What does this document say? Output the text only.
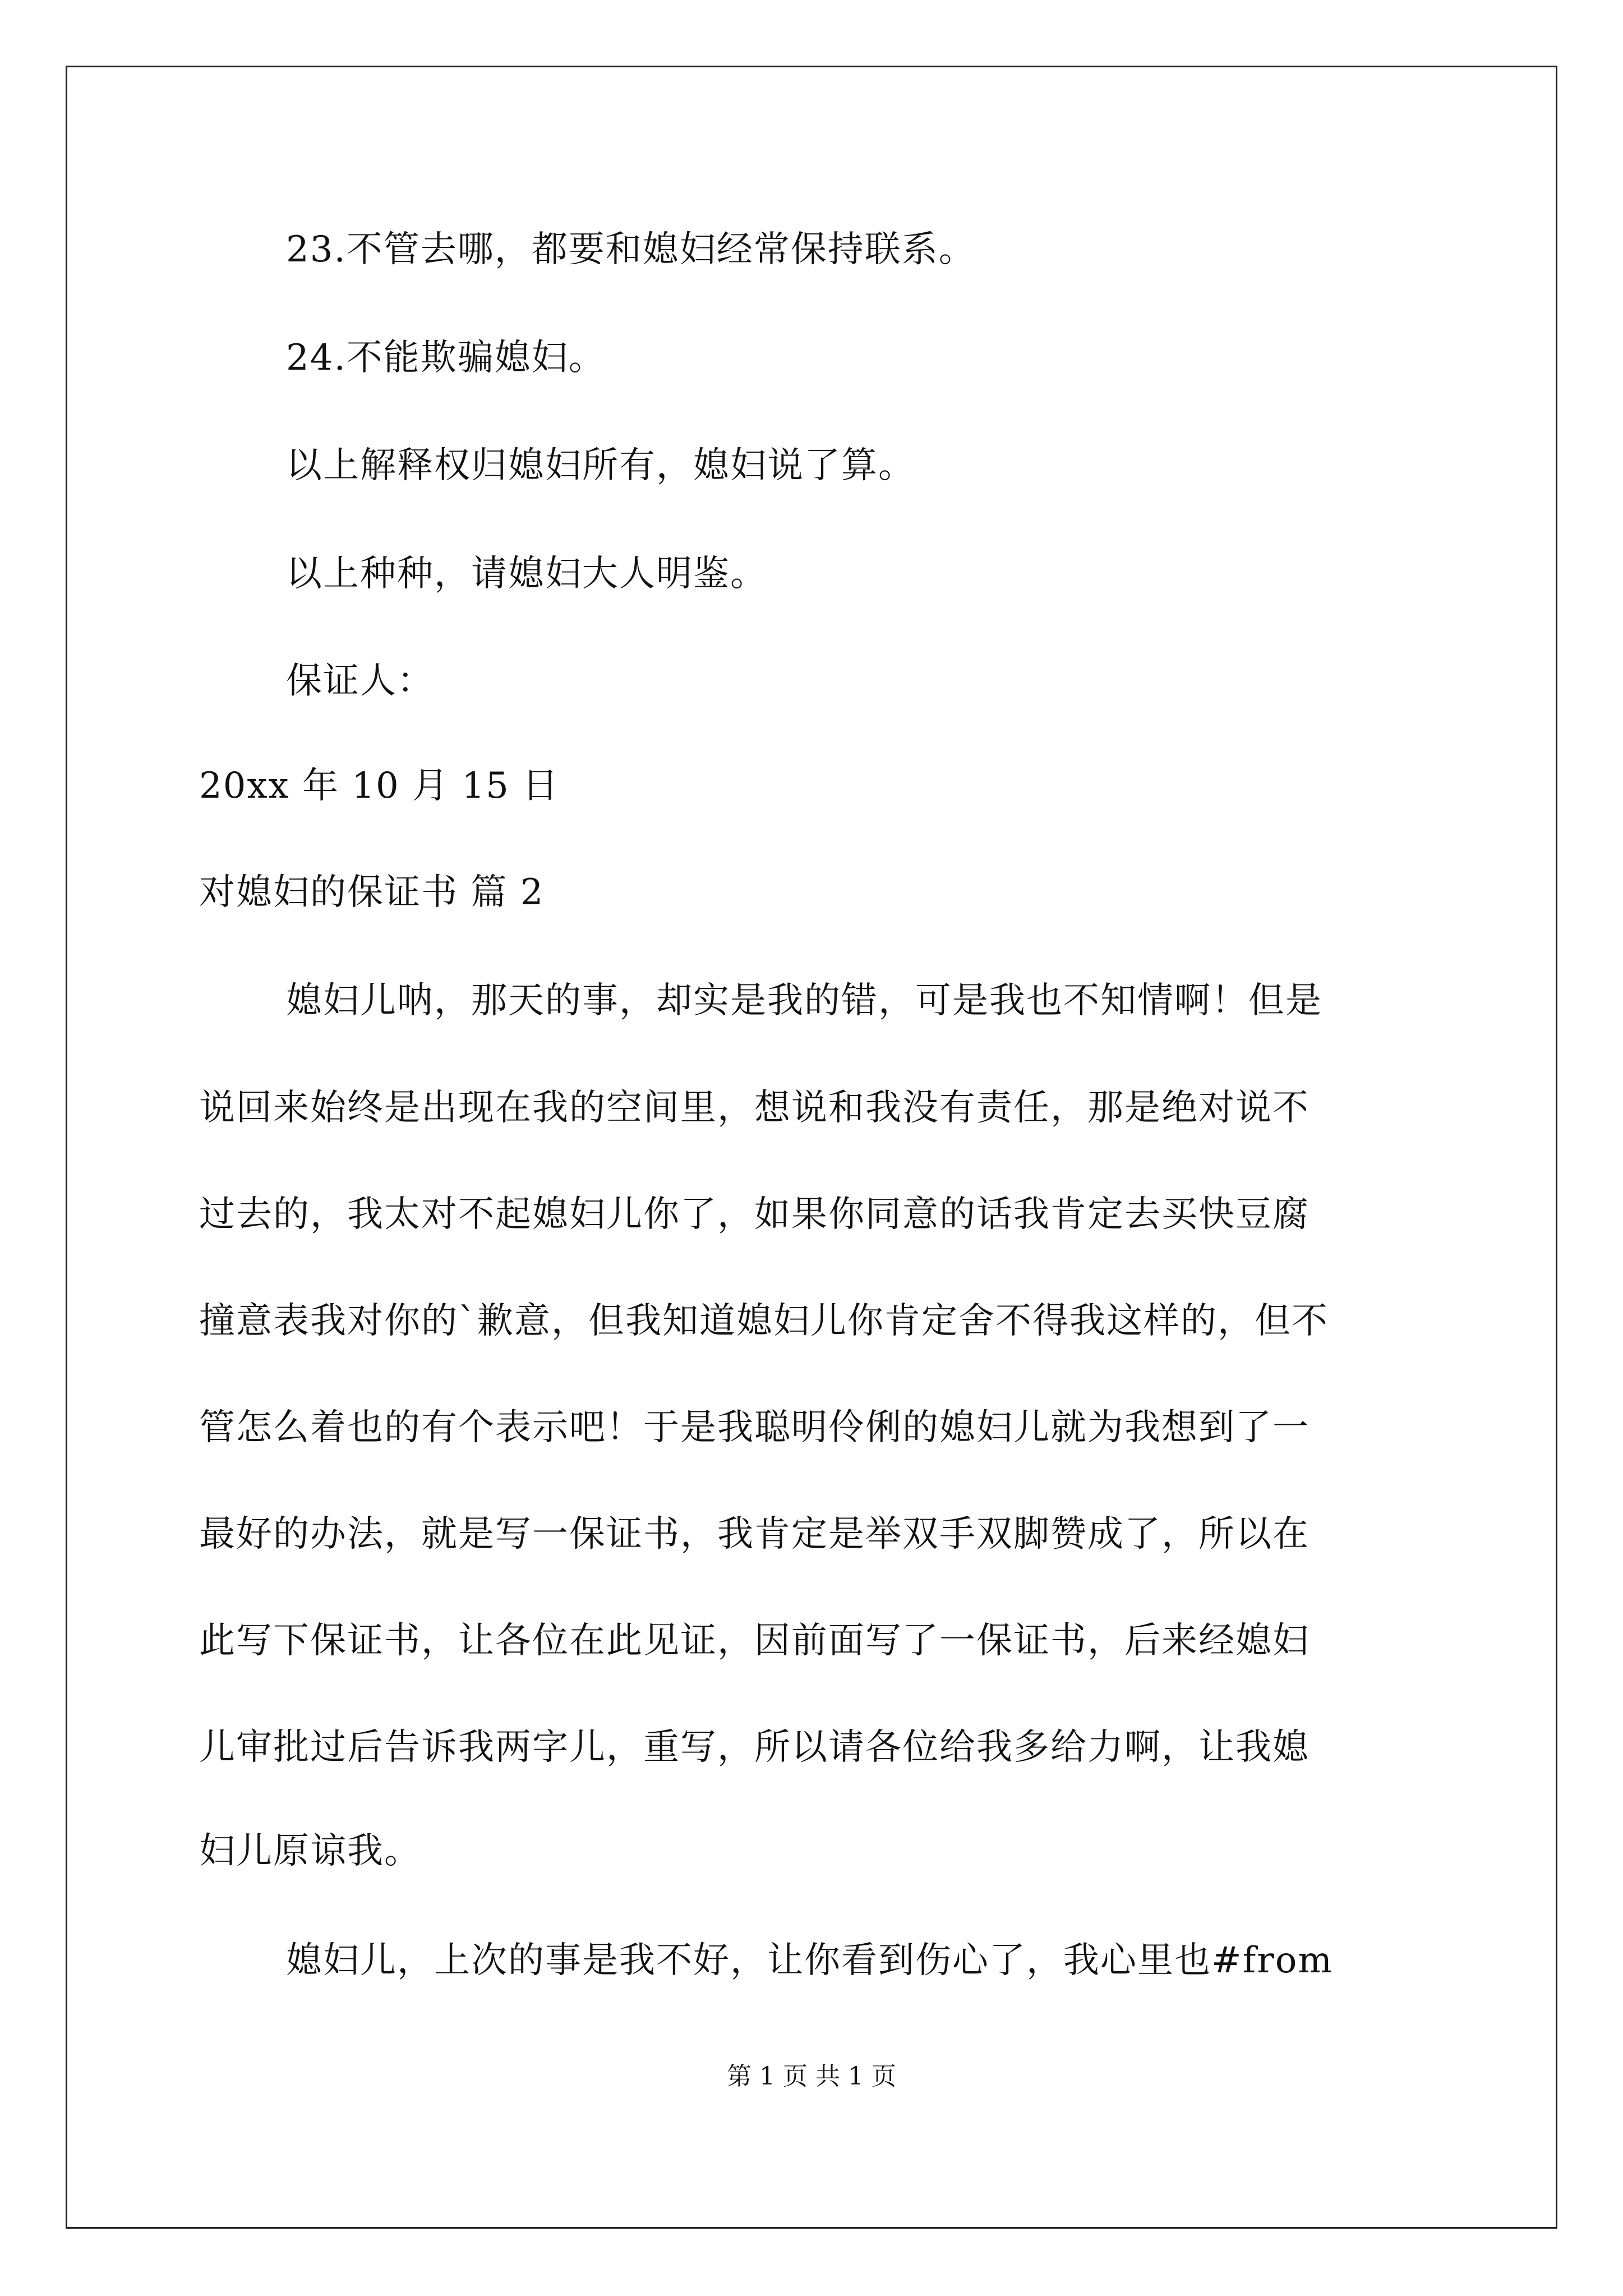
23.不管去哪，都要和媳妇经常保持联系。
24.不能欺骗媳妇。
以上解释权归媳妇所有，媳妇说了算。
以上种种，请媳妇大人明鉴。
保证人：
20xx 年 10 月 15 日
对媳妇的保证书 篇 2
媳妇儿呐，那天的事，却实是我的错，可是我也不知情啊！但是
说回来始终是出现在我的空间里，想说和我没有责任，那是绝对说不
过去的，我太对不起媳妇儿你了，如果你同意的话我肯定去买快豆腐
撞意表我对你的`歉意，但我知道媳妇儿你肯定舍不得我这样的，但不
管怎么着也的有个表示吧！于是我聪明伶俐的媳妇儿就为我想到了一
最好的办法，就是写一保证书，我肯定是举双手双脚赞成了，所以在
此写下保证书，让各位在此见证，因前面写了一保证书，后来经媳妇
儿审批过后告诉我两字儿，重写，所以请各位给我多给力啊，让我媳
妇儿原谅我。
媳妇儿，上次的事是我不好，让你看到伤心了，我心里也#from
第 1 页 共 1 页
